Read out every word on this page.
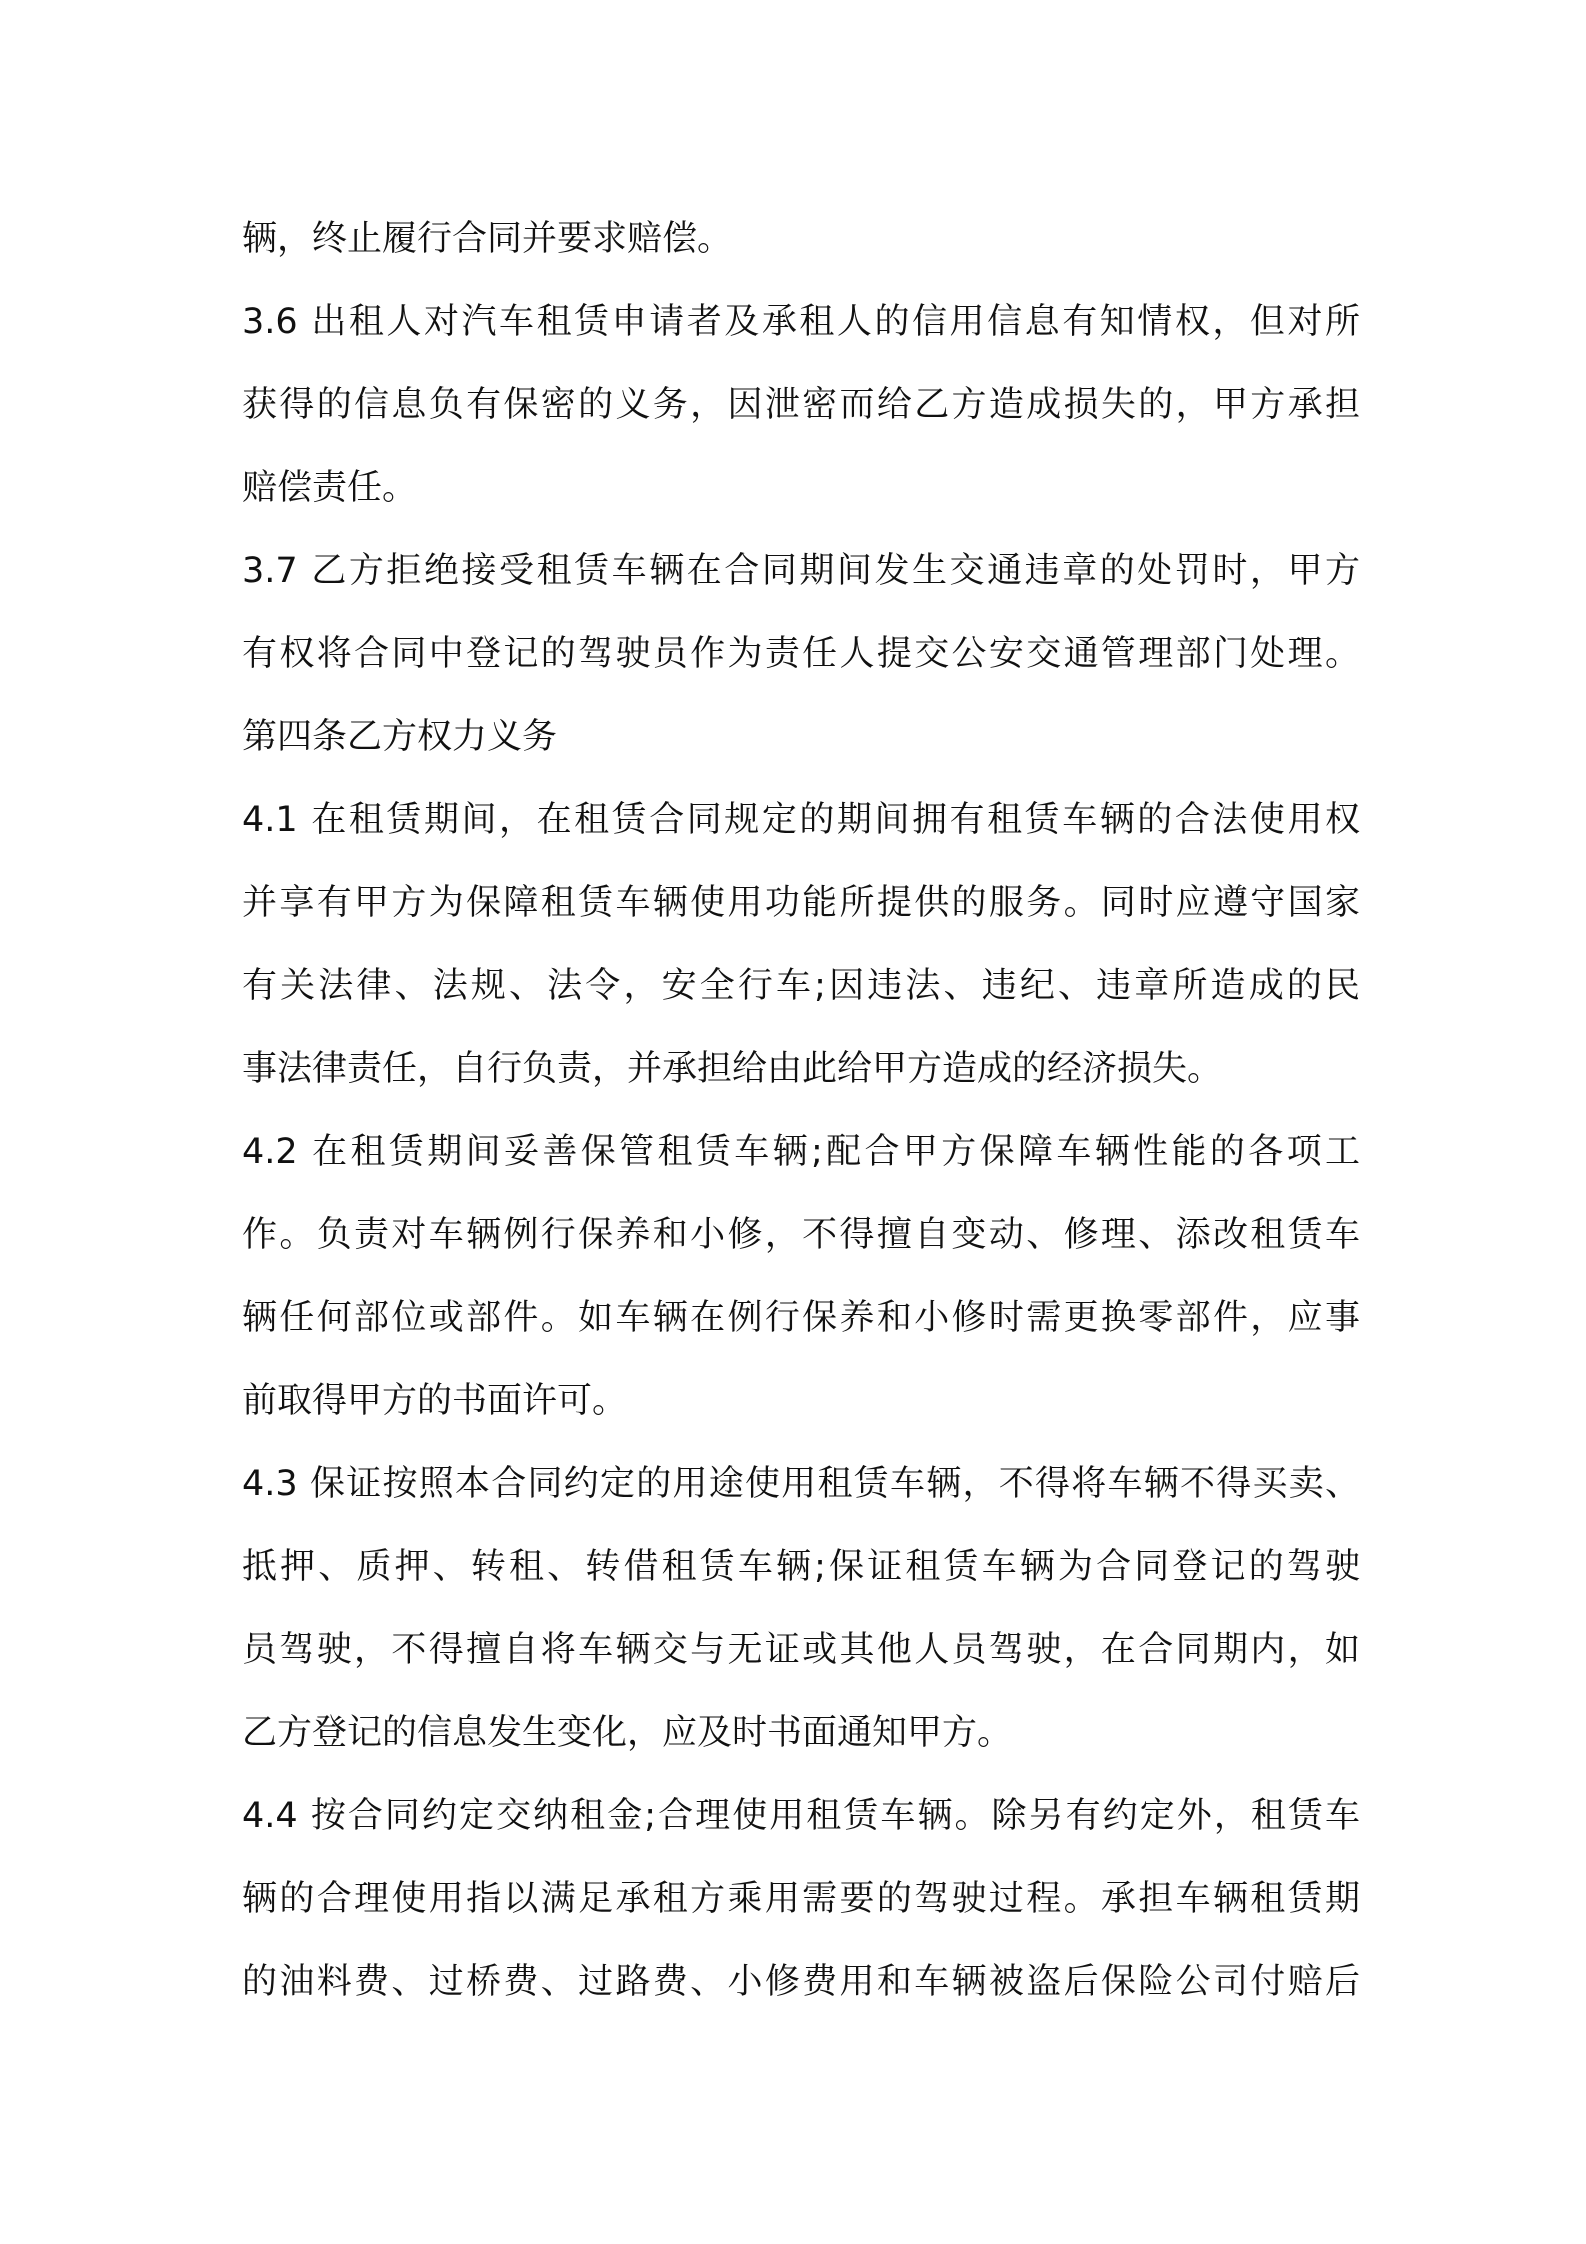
辆，终止履行合同并要求赔偿。
3.6 出租人对汽车租赁申请者及承租人的信用信息有知情权，但对所
获得的信息负有保密的义务，因泄密而给乙方造成损失的，甲方承担
赔偿责任。
3.7 乙方拒绝接受租赁车辆在合同期间发生交通违章的处罚时，甲方
有权将合同中登记的驾驶员作为责任人提交公安交通管理部门处理。
第四条乙方权力义务
4.1 在租赁期间，在租赁合同规定的期间拥有租赁车辆的合法使用权
并享有甲方为保障租赁车辆使用功能所提供的服务。同时应遵守国家
有关法律、法规、法令，安全行车;因违法、违纪、违章所造成的民
事法律责任，自行负责，并承担给由此给甲方造成的经济损失。
4.2 在租赁期间妥善保管租赁车辆;配合甲方保障车辆性能的各项工
作。负责对车辆例行保养和小修，不得擅自变动、修理、添改租赁车
辆任何部位或部件。如车辆在例行保养和小修时需更换零部件，应事
前取得甲方的书面许可。
4.3 保证按照本合同约定的用途使用租赁车辆，不得将车辆不得买卖、
抵押、质押、转租、转借租赁车辆;保证租赁车辆为合同登记的驾驶
员驾驶，不得擅自将车辆交与无证或其他人员驾驶，在合同期内，如
乙方登记的信息发生变化，应及时书面通知甲方。
4.4 按合同约定交纳租金;合理使用租赁车辆。除另有约定外，租赁车
辆的合理使用指以满足承租方乘用需要的驾驶过程。承担车辆租赁期
的油料费、过桥费、过路费、小修费用和车辆被盗后保险公司付赔后
